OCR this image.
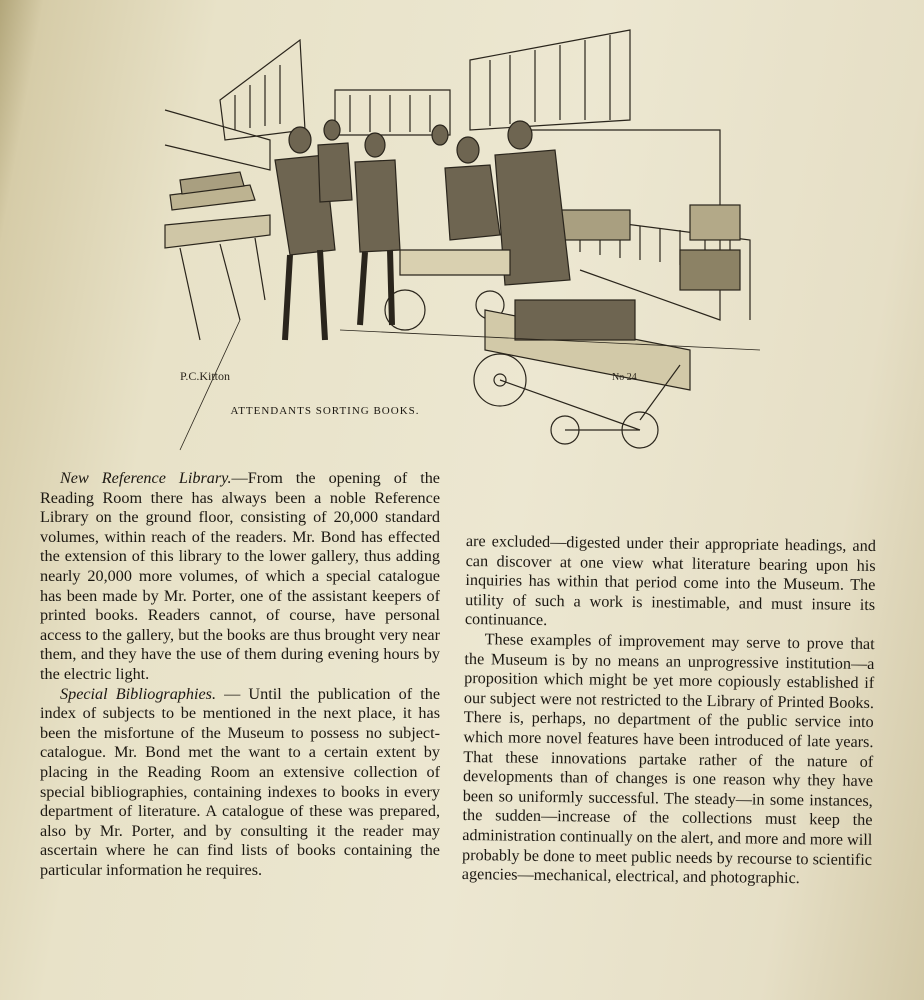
P.C.Kitton	No 24
ATTENDANTS SORTING BOOKS.

New Reference Library.—From the opening of the Reading Room there has always been a noble Reference Library on the ground floor, consisting of 20,000 standard volumes, within reach of the readers. Mr. Bond has effected the extension of this library to the lower gallery, thus adding nearly 20,000 more volumes, of which a special catalogue has been made by Mr. Porter, one of the assistant keepers of printed books. Readers cannot, of course, have personal access to the gallery, but the books are thus brought very near them, and they have the use of them during evening hours by the electric light.

Special Bibliographies. — Until the publication of the index of subjects to be mentioned in the next place, it has been the misfortune of the Museum to possess no subject-catalogue. Mr. Bond met the want to a certain extent by placing in the Reading Room an extensive collection of special bibliographies, containing indexes to books in every department of literature. A catalogue of these was prepared, also by Mr. Porter, and by consulting it the reader may ascertain where he can find lists of books containing the particular information he requires.

are excluded—digested under their appropriate headings, and can discover at one view what literature bearing upon his inquiries has within that period come into the Museum. The utility of such a work is inestimable, and must insure its continuance.

These examples of improvement may serve to prove that the Museum is by no means an unprogressive institution—a proposition which might be yet more copiously established if our subject were not restricted to the Library of Printed Books. There is, perhaps, no department of the public service into which more novel features have been introduced of late years. That these innovations partake rather of the nature of developments than of changes is one reason why they have been so uniformly successful. The steady—in some instances, the sudden—increase of the collections must keep the administration continually on the alert, and more and more will probably be done to meet public needs by recourse to scientific agencies—mechanical, electrical, and photographic.
